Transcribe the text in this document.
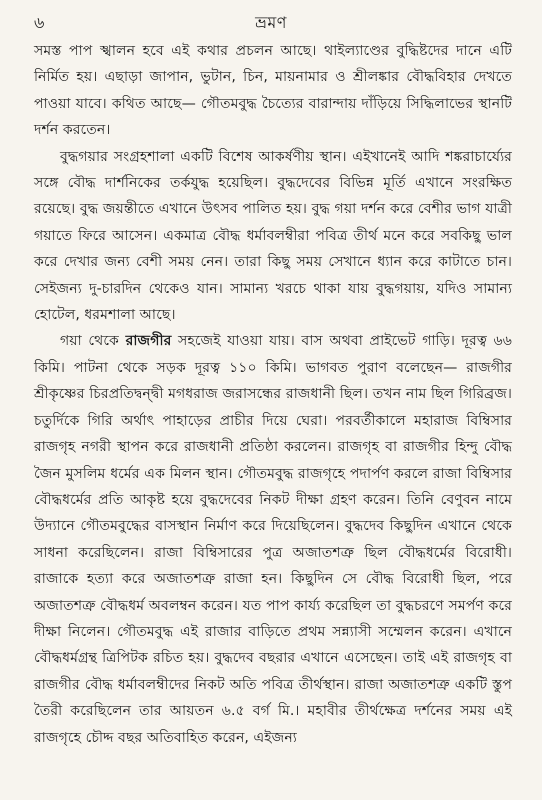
৬	ভ্রমণ

সমস্ত পাপ স্খালন হবে এই কথার প্রচলন আছে। থাইল্যাণ্ডের বুদ্ধিষ্টদের দানে এটি নির্মিত হয়। এছাড়া জাপান, ভুটান, চিন, মায়নামার ও শ্রীলঙ্কার বৌদ্ধবিহার দেখতে পাওয়া যাবে। কথিত আছে— গৌতমবুদ্ধ চৈত্যের বারান্দায় দাঁড়িয়ে সিদ্ধিলাভের স্থানটি দর্শন করতেন।

বুদ্ধগয়ার সংগ্রহশালা একটি বিশেষ আকর্ষণীয় স্থান। এইখানেই আদি শঙ্করাচার্য্যের সঙ্গে বৌদ্ধ দার্শনিকের তর্কযুদ্ধ হয়েছিল। বুদ্ধদেবের বিভিন্ন মূর্তি এখানে সংরক্ষিত রয়েছে। বুদ্ধ জয়ন্তীতে এখানে উৎসব পালিত হয়। বুদ্ধ গয়া দর্শন করে বেশীর ভাগ যাত্রী গয়াতে ফিরে আসেন। একমাত্র বৌদ্ধ ধর্মাবলম্বীরা পবিত্র তীর্থ মনে করে সবকিছু ভাল করে দেখার জন্য বেশী সময় নেন। তারা কিছু সময় সেখানে ধ্যান করে কাটাতে চান। সেইজন্য দু-চারদিন থেকেও যান। সামান্য খরচে থাকা যায় বুদ্ধগয়ায়, যদিও সামান্য হোটেল, ধরমশালা আছে।

গয়া থেকে রাজগীর সহজেই যাওয়া যায়। বাস অথবা প্রাইভেট গাড়ি। দূরত্ব ৬৬ কিমি। পাটনা থেকে সড়ক দূরত্ব ১১০ কিমি। ভাগবত পুরাণ বলেছেন— রাজগীর শ্রীকৃষ্ণের চিরপ্রতিদ্বন্দ্বী মগধরাজ জরাসন্ধের রাজধানী ছিল। তখন নাম ছিল গিরিব্রজ। চতুর্দিকে গিরি অর্থাৎ পাহাড়ের প্রাচীর দিয়ে ঘেরা। পরবর্তীকালে মহারাজ বিম্বিসার রাজগৃহ নগরী স্থাপন করে রাজধানী প্রতিষ্ঠা করলেন। রাজগৃহ বা রাজগীর হিন্দু বৌদ্ধ জৈন মুসলিম ধর্মের এক মিলন স্থান। গৌতমবুদ্ধ রাজগৃহে পদার্পণ করলে রাজা বিম্বিসার বৌদ্ধধর্মের প্রতি আকৃষ্ট হয়ে বুদ্ধদেবের নিকট দীক্ষা গ্রহণ করেন। তিনি বেণুবন নামে উদ্যানে গৌতমবুদ্ধের বাসস্থান নির্মাণ করে দিয়েছিলেন। বুদ্ধদেব কিছুদিন এখানে থেকে সাধনা করেছিলেন। রাজা বিম্বিসারের পুত্র অজাতশত্রু ছিল বৌদ্ধধর্মের বিরোধী। রাজাকে হত্যা করে অজাতশত্রু রাজা হন। কিছুদিন সে বৌদ্ধ বিরোধী ছিল, পরে অজাতশত্রু বৌদ্ধধর্ম অবলম্বন করেন। যত পাপ কার্য্য করেছিল তা বুদ্ধচরণে সমর্পণ করে দীক্ষা নিলেন। গৌতমবুদ্ধ এই রাজার বাড়িতে প্রথম সন্ন্যাসী সম্মেলন করেন। এখানে বৌদ্ধধর্মগ্রন্থ ত্রিপিটক রচিত হয়। বুদ্ধদেব বছরার এখানে এসেছেন। তাই এই রাজগৃহ বা রাজগীর বৌদ্ধ ধর্মাবলম্বীদের নিকট অতি পবিত্র তীর্থস্থান। রাজা অজাতশত্রু একটি স্তুপ তৈরী করেছিলেন তার আয়তন ৬.৫ বর্গ মি.। মহাবীর তীর্থক্ষেত্র দর্শনের সময় এই রাজগৃহে চৌদ্দ বছর অতিবাহিত করেন, এইজন্য
